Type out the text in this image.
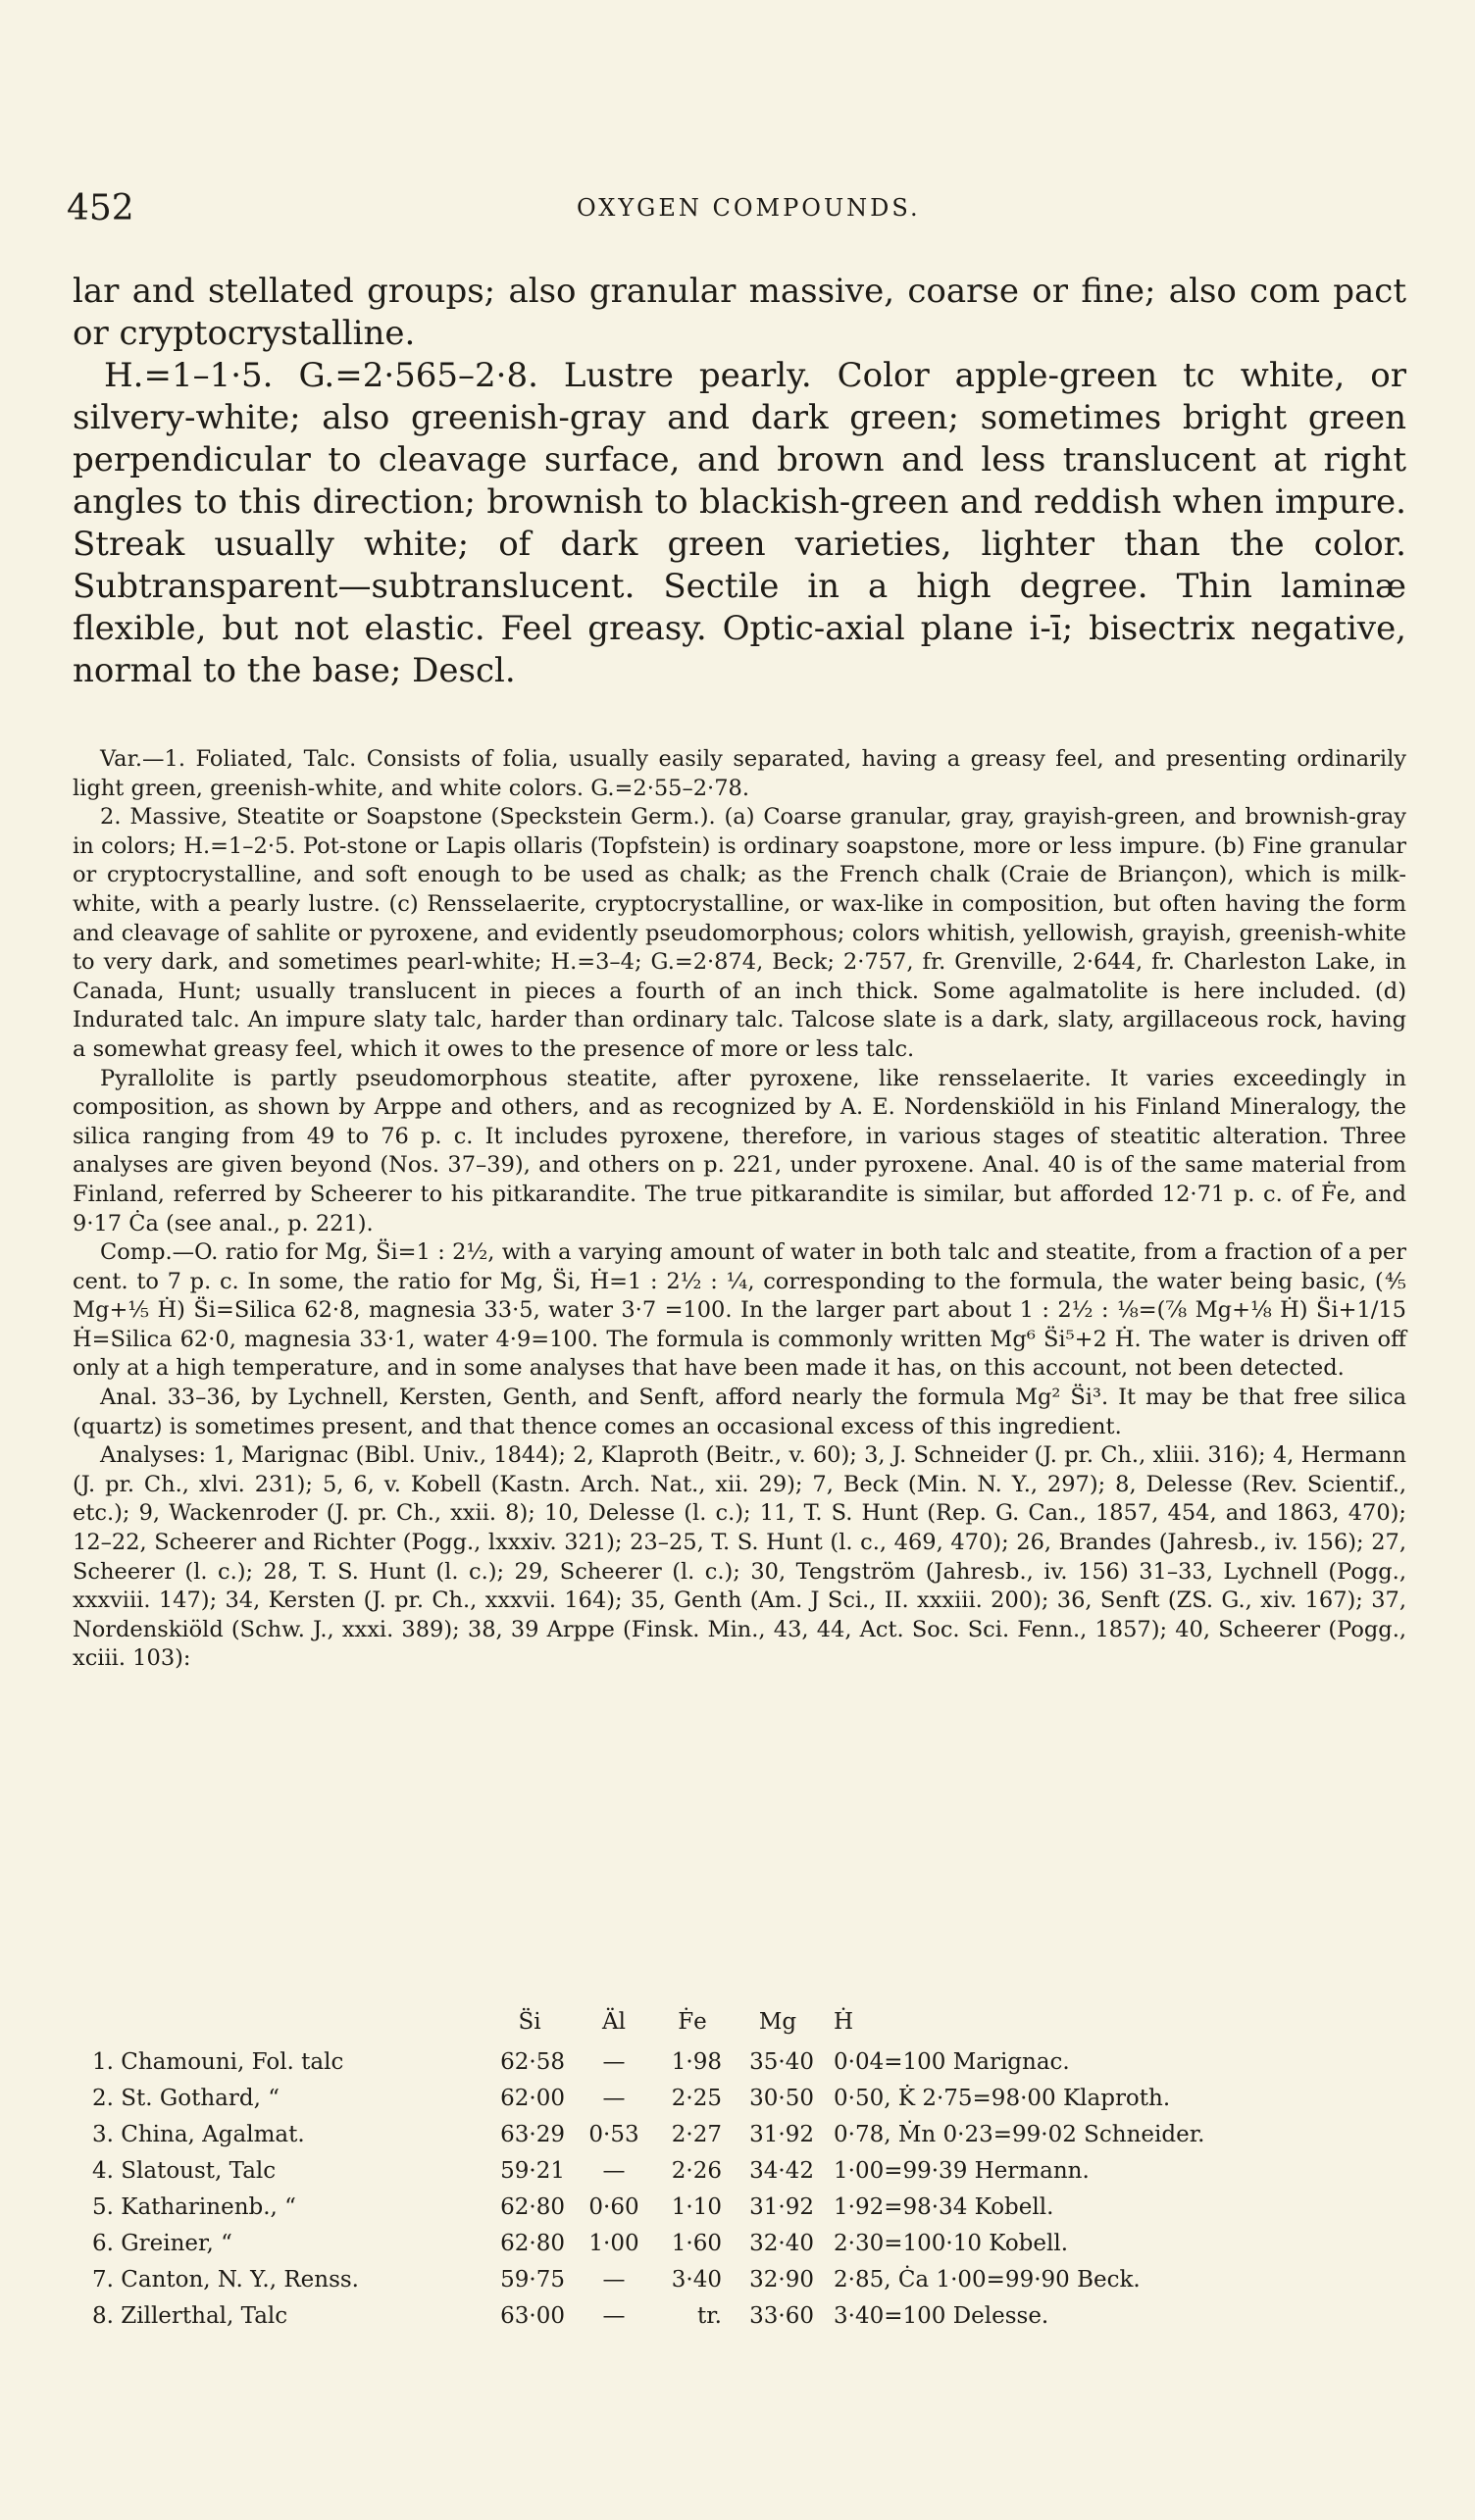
452	OXYGEN COMPOUNDS.

lar and stellated groups; also granular massive, coarse or fine; also com pact or cryptocrystalline.

H.=1–1·5. G.=2·565–2·8. Lustre pearly. Color apple-green tc white, or silvery-white; also greenish-gray and dark green; sometimes bright green perpendicular to cleavage surface, and brown and less translucent at right angles to this direction; brownish to blackish-green and reddish when impure. Streak usually white; of dark green varieties, lighter than the color. Subtransparent—subtranslucent. Sectile in a high degree. Thin laminæ flexible, but not elastic. Feel greasy. Optic-axial plane i-ī; bisectrix negative, normal to the base; Descl.

Var.—1. Foliated, Talc. Consists of folia, usually easily separated, having a greasy feel, and presenting ordinarily light green, greenish-white, and white colors. G.=2·55–2·78.

2. Massive, Steatite or Soapstone (Speckstein Germ.). (a) Coarse granular, gray, grayish-green, and brownish-gray in colors; H.=1–2·5. Pot-stone or Lapis ollaris (Topfstein) is ordinary soapstone, more or less impure. (b) Fine granular or cryptocrystalline, and soft enough to be used as chalk; as the French chalk (Craie de Briançon), which is milk-white, with a pearly lustre. (c) Rensselaerite, cryptocrystalline, or wax-like in composition, but often having the form and cleavage of sahlite or pyroxene, and evidently pseudomorphous; colors whitish, yellowish, grayish, greenish-white to very dark, and sometimes pearl-white; H.=3–4; G.=2·874, Beck; 2·757, fr. Grenville, 2·644, fr. Charleston Lake, in Canada, Hunt; usually translucent in pieces a fourth of an inch thick. Some agalmatolite is here included. (d) Indurated talc. An impure slaty talc, harder than ordinary talc. Talcose slate is a dark, slaty, argillaceous rock, having a somewhat greasy feel, which it owes to the presence of more or less talc.

Pyrallolite is partly pseudomorphous steatite, after pyroxene, like rensselaerite. It varies exceedingly in composition, as shown by Arppe and others, and as recognized by A. E. Nordenskiöld in his Finland Mineralogy, the silica ranging from 49 to 76 p. c. It includes pyroxene, therefore, in various stages of steatitic alteration. Three analyses are given beyond (Nos. 37–39), and others on p. 221, under pyroxene. Anal. 40 is of the same material from Finland, referred by Scheerer to his pitkarandite. The true pitkarandite is similar, but afforded 12·71 p. c. of Ḟe, and 9·17 Ċa (see anal., p. 221).

Comp.—O. ratio for Mg, S̈i=1 : 2½, with a varying amount of water in both talc and steatite, from a fraction of a per cent. to 7 p. c. In some, the ratio for Mg, S̈i, Ḣ=1 : 2½ : ¼, corresponding to the formula, the water being basic, (⅘ Mg+⅕ Ḣ) S̈i=Silica 62·8, magnesia 33·5, water 3·7 =100. In the larger part about 1 : 2½ : ⅛=(⅞ Mg+⅛ Ḣ) S̈i+1/15 Ḣ=Silica 62·0, magnesia 33·1, water 4·9=100. The formula is commonly written Mg⁶ S̈i⁵+2 Ḣ. The water is driven off only at a high temperature, and in some analyses that have been made it has, on this account, not been detected.

Anal. 33–36, by Lychnell, Kersten, Genth, and Senft, afford nearly the formula Mg² S̈i³. It may be that free silica (quartz) is sometimes present, and that thence comes an occasional excess of this ingredient.

Analyses: 1, Marignac (Bibl. Univ., 1844); 2, Klaproth (Beitr., v. 60); 3, J. Schneider (J. pr. Ch., xliii. 316); 4, Hermann (J. pr. Ch., xlvi. 231); 5, 6, v. Kobell (Kastn. Arch. Nat., xii. 29); 7, Beck (Min. N. Y., 297); 8, Delesse (Rev. Scientif., etc.); 9, Wackenroder (J. pr. Ch., xxii. 8); 10, Delesse (l. c.); 11, T. S. Hunt (Rep. G. Can., 1857, 454, and 1863, 470); 12–22, Scheerer and Richter (Pogg., lxxxiv. 321); 23–25, T. S. Hunt (l. c., 469, 470); 26, Brandes (Jahresb., iv. 156); 27, Scheerer (l. c.); 28, T. S. Hunt (l. c.); 29, Scheerer (l. c.); 30, Tengström (Jahresb., iv. 156) 31–33, Lychnell (Pogg., xxxviii. 147); 34, Kersten (J. pr. Ch., xxxvii. 164); 35, Genth (Am. J Sci., II. xxxiii. 200); 36, Senft (ZS. G., xiv. 167); 37, Nordenskiöld (Schw. J., xxxi. 389); 38, 39 Arppe (Finsk. Min., 43, 44, Act. Soc. Sci. Fenn., 1857); 40, Scheerer (Pogg., xciii. 103):

	S̈i	Äl	Ḟe	Mg	Ḣ
1. Chamouni, Fol. talc	62·58	—	1·98	35·40	0·04=100 Marignac.
2. St. Gothard, “	62·00	—	2·25	30·50	0·50, K̇ 2·75=98·00 Klaproth.
3. China, Agalmat.	63·29	0·53	2·27	31·92	0·78, Ṁn 0·23=99·02 Schneider.
4. Slatoust, Talc	59·21	—	2·26	34·42	1·00=99·39 Hermann.
5. Katharinenb., “	62·80	0·60	1·10	31·92	1·92=98·34 Kobell.
6. Greiner, “	62·80	1·00	1·60	32·40	2·30=100·10 Kobell.
7. Canton, N. Y., Renss.	59·75	—	3·40	32·90	2·85, Ċa 1·00=99·90 Beck.
8. Zillerthal, Talc	63·00	—	tr.	33·60	3·40=100 Delesse.
